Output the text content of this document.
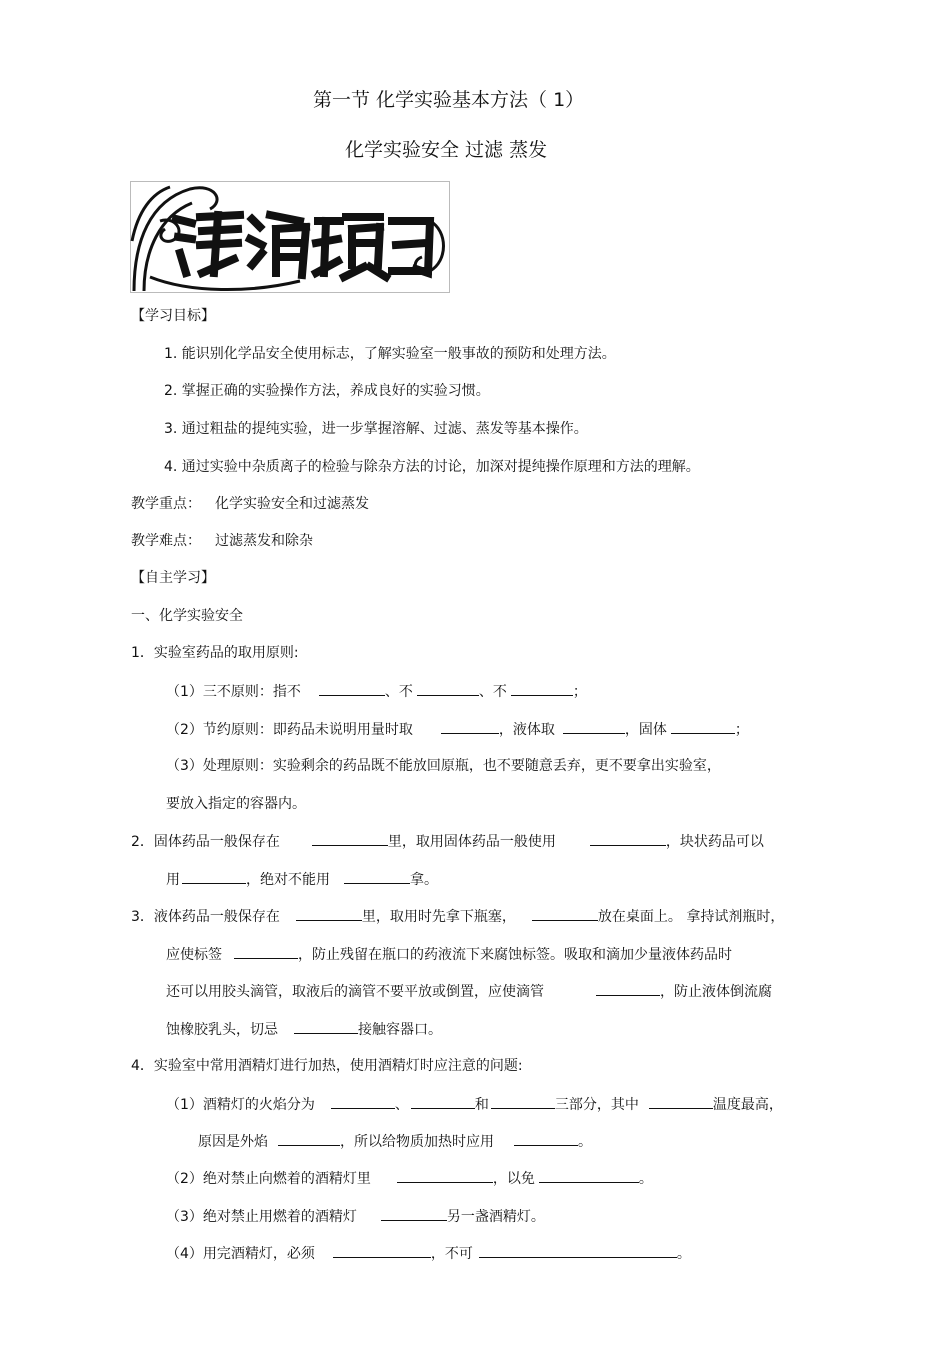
第一节 化学实验基本方法（ 1）
化学实验安全 过滤 蒸发
【学习目标】
1. 能识别化学品安全使用标志，了解实验室一般事故的预防和处理方法。
2. 掌握正确的实验操作方法，养成良好的实验习惯。
3. 通过粗盐的提纯实验，进一步掌握溶解、过滤、蒸发等基本操作。
4. 通过实验中杂质离子的检验与除杂方法的讨论，加深对提纯操作原理和方法的理解。
教学重点： 化学实验安全和过滤蒸发
教学难点： 过滤蒸发和除杂
【自主学习】
一、化学实验安全
1．实验室药品的取用原则:
（1）三不原则：指不	、不	、不	；
（2）节约原则：即药品未说明用量时取	，液体取	，固体	；
（3）处理原则：实验剩余的药品既不能放回原瓶，也不要随意丢弃，更不要拿出实验室，
要放入指定的容器内。
2．固体药品一般保存在	里，取用固体药品一般使用	，块状药品可以
用	，绝对不能用	拿。
3．液体药品一般保存在	里，取用时先拿下瓶塞，	放在桌面上。 拿持试剂瓶时，
应使标签	，防止残留在瓶口的药液流下来腐蚀标签。吸取和滴加少量液体药品时
还可以用胶头滴管，取液后的滴管不要平放或倒置，应使滴管	，防止液体倒流腐
蚀橡胶乳头，切忌	接触容器口。
4．实验室中常用酒精灯进行加热，使用酒精灯时应注意的问题:
（1）酒精灯的火焰分为	、	和	三部分，其中	温度最高，
原因是外焰	，所以给物质加热时应用	。
（2）绝对禁止向燃着的酒精灯里	，以免	。
（3）绝对禁止用燃着的酒精灯	另一盏酒精灯。
（4）用完酒精灯，必须	，不可	。
